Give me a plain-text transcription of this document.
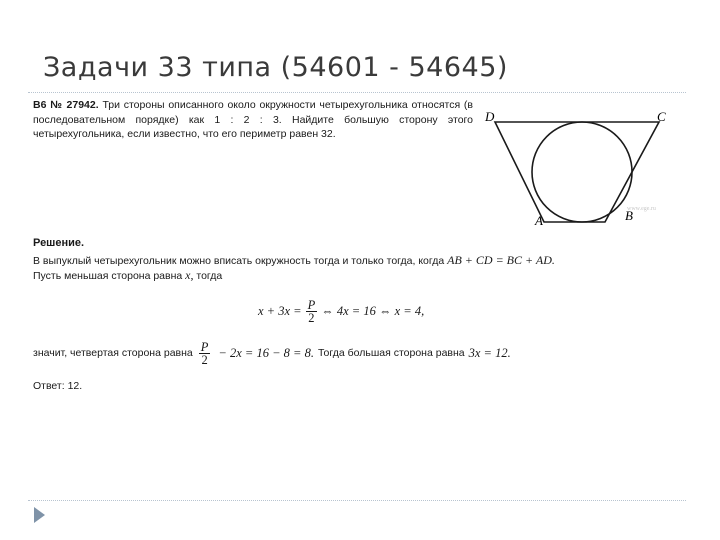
Задачи 33 типа (54601 - 54645)
B6 № 27942. Три стороны описанного около окружности четырехугольника относятся (в последовательном порядке) как 1 : 2 : 3. Найдите большую сторону этого четырехугольника, если известно, что его периметр равен 32.
D	C
A	B
www.ege.ru
Решение.
В выпуклый четырехугольник можно вписать окружность тогда и только тогда, когда AB + CD = BC + AD.
Пусть меньшая сторона равна x, тогда
$x + 3x = \frac{P}{2}$ ⇔ 4x = 16 ⇔ x = 4,
значит, четвертая сторона равна $\frac{P}{2} - 2x = 16 - 8 = 8$. Тогда большая сторона равна 3x = 12.
Ответ: 12.
